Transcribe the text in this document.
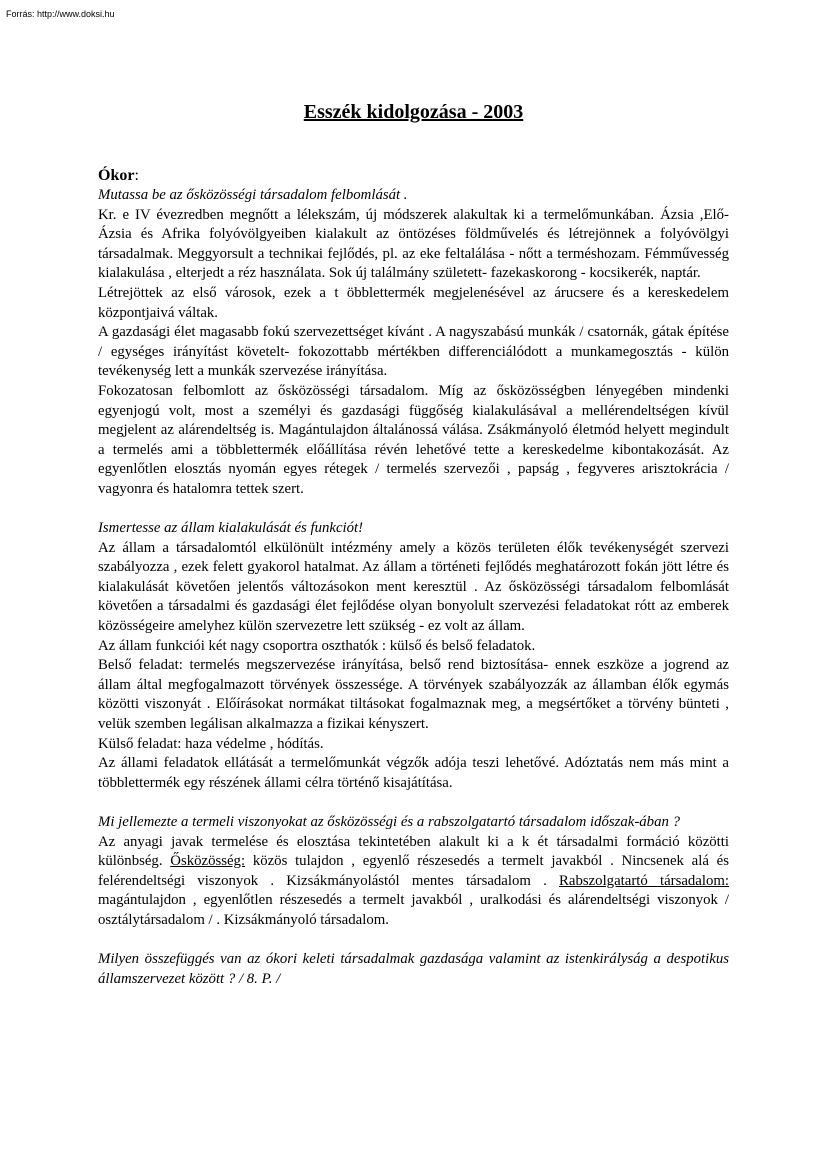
Forrás: http://www.doksi.hu
Esszék kidolgozása - 2003

Ókor:

Mutassa be az ősközösségi társadalom felbomlását .

Kr. e IV évezredben megnőtt a lélekszám, új módszerek alakultak ki a termelőmunkában. Ázsia ,Elő-Ázsia és Afrika folyóvölgyeiben kialakult az öntözéses földművelés és létrejönnek a folyóvölgyi társadalmak. Meggyorsult a technikai fejlődés, pl. az eke feltalálása - nőtt a terméshozam. Fémművesség kialakulása , elterjedt a réz használata. Sok új találmány született- fazekaskorong - kocsikerék, naptár.

Létrejöttek az első városok, ezek a t öbblettermék megjelenésével az árucsere és a kereskedelem központjaivá váltak.

A gazdasági élet magasabb fokú szervezettséget kívánt . A nagyszabású munkák / csatornák, gátak építése / egységes irányítást követelt- fokozottabb mértékben differenciálódott a munkamegosztás - külön tevékenység lett a munkák szervezése irányítása.

Fokozatosan felbomlott az ősközösségi társadalom. Míg az ősközösségben lényegében mindenki egyenjogú volt, most a személyi és gazdasági függőség kialakulásával a mellérendeltségen kívül megjelent az alárendeltség is. Magántulajdon általánossá válása. Zsákmányoló életmód helyett megindult a termelés ami a többlettermék előállítása révén lehetővé tette a kereskedelme kibontakozását. Az egyenlőtlen elosztás nyomán egyes rétegek / termelés szervezői , papság , fegyveres arisztokrácia / vagyonra és hatalomra tettek szert.

Ismertesse az állam kialakulását és funkciót!

Az állam a társadalomtól elkülönült intézmény amely a közös területen élők tevékenységét szervezi szabályozza , ezek felett gyakorol hatalmat. Az állam a történeti fejlődés meghatározott fokán jött létre és kialakulását követően jelentős változásokon ment keresztül . Az ősközösségi társadalom felbomlását követően a társadalmi és gazdasági élet fejlődése olyan bonyolult szervezési feladatokat rótt az emberek közösségeire amelyhez külön szervezetre lett szükség - ez volt az állam.

Az állam funkciói két nagy csoportra oszthatók : külső és belső feladatok.

Belső feladat: termelés megszervezése irányítása, belső rend biztosítása- ennek eszköze a jogrend az állam által megfogalmazott törvények összessége. A törvények szabályozzák az államban élők egymás közötti viszonyát . Előírásokat normákat tiltásokat fogalmaznak meg, a megsértőket a törvény bünteti , velük szemben legálisan alkalmazza a fizikai kényszert.

Külső feladat: haza védelme , hódítás.

Az állami feladatok ellátását a termelőmunkát végzők adója teszi lehetővé. Adóztatás nem más mint a többlettermék egy részének állami célra történő kisajátítása.

Mi jellemezte a termeli viszonyokat az ősközösségi és a rabszolgatartó társadalom időszak-ában ?

Az anyagi javak termelése és elosztása tekintetében alakult ki a k ét társadalmi formáció közötti különbség. Ősközösség: közös tulajdon , egyenlő részesedés a termelt javakból . Nincsenek alá és felérendeltségi viszonyok . Kizsákmányolástól mentes társadalom . Rabszolgatartó társadalom: magántulajdon , egyenlőtlen részesedés a termelt javakból , uralkodási és alárendeltségi viszonyok / osztálytársadalom / . Kizsákmányoló társadalom.

Milyen összefüggés van az ókori keleti társadalmak gazdasága valamint az istenkirályság a despotikus államszervezet között ? / 8. P. /
